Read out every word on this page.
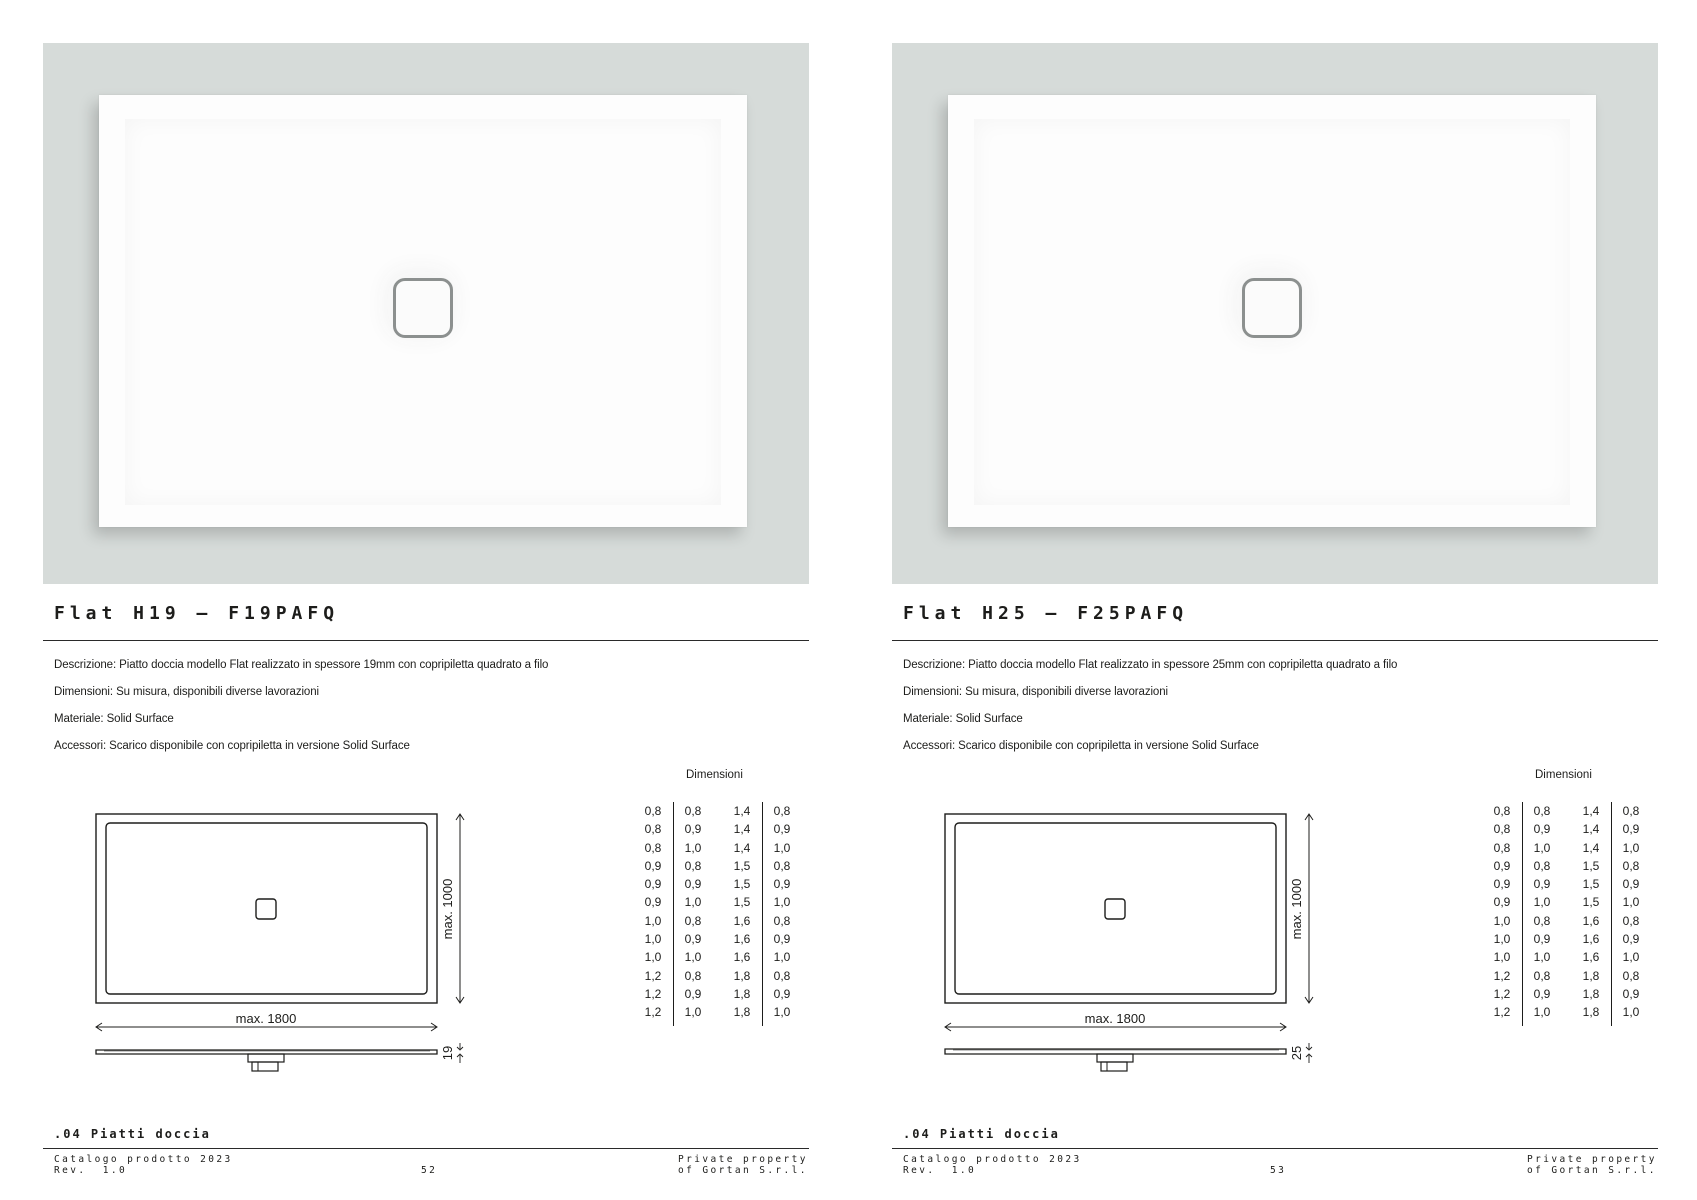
Flat H19 – F19PAFQ
Descrizione: Piatto doccia modello Flat realizzato in spessore 19mm con copripiletta quadrato a filo
Dimensioni: Su misura, disponibili diverse lavorazioni
Materiale: Solid Surface
Accessori: Scarico disponibile con copripiletta in versione Solid Surface
max. 1800
max. 1000
19
Dimensioni
0,8	0,8	1,4	0,8
0,8	0,9	1,4	0,9
0,8	1,0	1,4	1,0
0,9	0,8	1,5	0,8
0,9	0,9	1,5	0,9
0,9	1,0	1,5	1,0
1,0	0,8	1,6	0,8
1,0	0,9	1,6	0,9
1,0	1,0	1,6	1,0
1,2	0,8	1,8	0,8
1,2	0,9	1,8	0,9
1,2	1,0	1,8	1,0
.04 Piatti doccia
Catalogo prodotto 2023
Rev.  1.0	52
Private property
of Gortan S.r.l.
Flat H25 – F25PAFQ
Descrizione: Piatto doccia modello Flat realizzato in spessore 25mm con copripiletta quadrato a filo
Dimensioni: Su misura, disponibili diverse lavorazioni
Materiale: Solid Surface
Accessori: Scarico disponibile con copripiletta in versione Solid Surface
max. 1800
max. 1000
25
Dimensioni
0,8	0,8	1,4	0,8
0,8	0,9	1,4	0,9
0,8	1,0	1,4	1,0
0,9	0,8	1,5	0,8
0,9	0,9	1,5	0,9
0,9	1,0	1,5	1,0
1,0	0,8	1,6	0,8
1,0	0,9	1,6	0,9
1,0	1,0	1,6	1,0
1,2	0,8	1,8	0,8
1,2	0,9	1,8	0,9
1,2	1,0	1,8	1,0
.04 Piatti doccia
Catalogo prodotto 2023
Rev.  1.0	53
Private property
of Gortan S.r.l.
